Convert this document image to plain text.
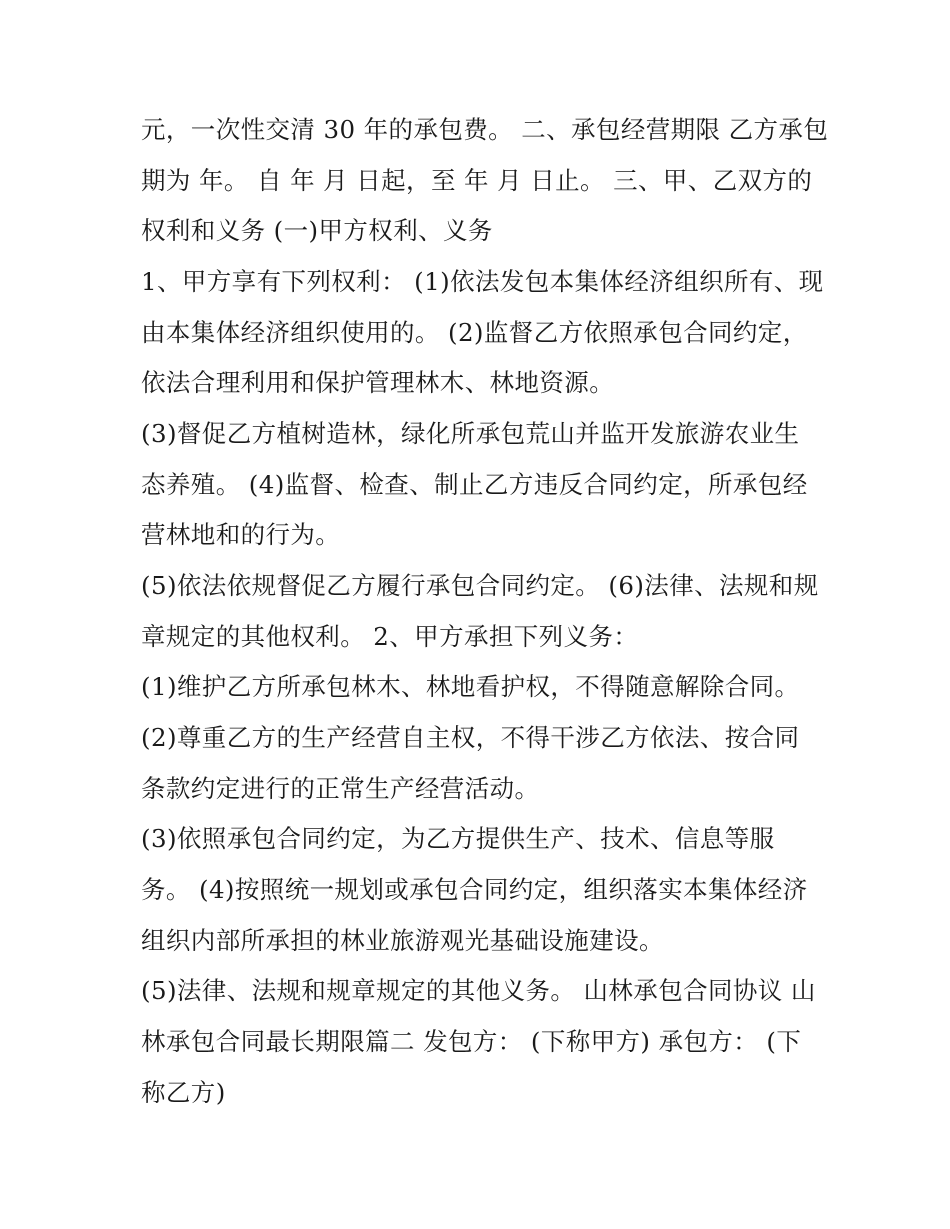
元，一次性交清 30 年的承包费。 二、承包经营期限 乙方承包
期为 年。 自 年 月 日起，至 年 月 日止。 三、甲、乙双方的
权利和义务 (一)甲方权利、义务
1、甲方享有下列权利： (1)依法发包本集体经济组织所有、现
由本集体经济组织使用的。 (2)监督乙方依照承包合同约定，
依法合理利用和保护管理林木、林地资源。
(3)督促乙方植树造林，绿化所承包荒山并监开发旅游农业生
态养殖。 (4)监督、检查、制止乙方违反合同约定，所承包经
营林地和的行为。
(5)依法依规督促乙方履行承包合同约定。 (6)法律、法规和规
章规定的其他权利。 2、甲方承担下列义务：
(1)维护乙方所承包林木、林地看护权，不得随意解除合同。
(2)尊重乙方的生产经营自主权，不得干涉乙方依法、按合同
条款约定进行的正常生产经营活动。
(3)依照承包合同约定，为乙方提供生产、技术、信息等服
务。 (4)按照统一规划或承包合同约定，组织落实本集体经济
组织内部所承担的林业旅游观光基础设施建设。
(5)法律、法规和规章规定的其他义务。 山林承包合同协议 山
林承包合同最长期限篇二 发包方： (下称甲方) 承包方： (下
称乙方)
